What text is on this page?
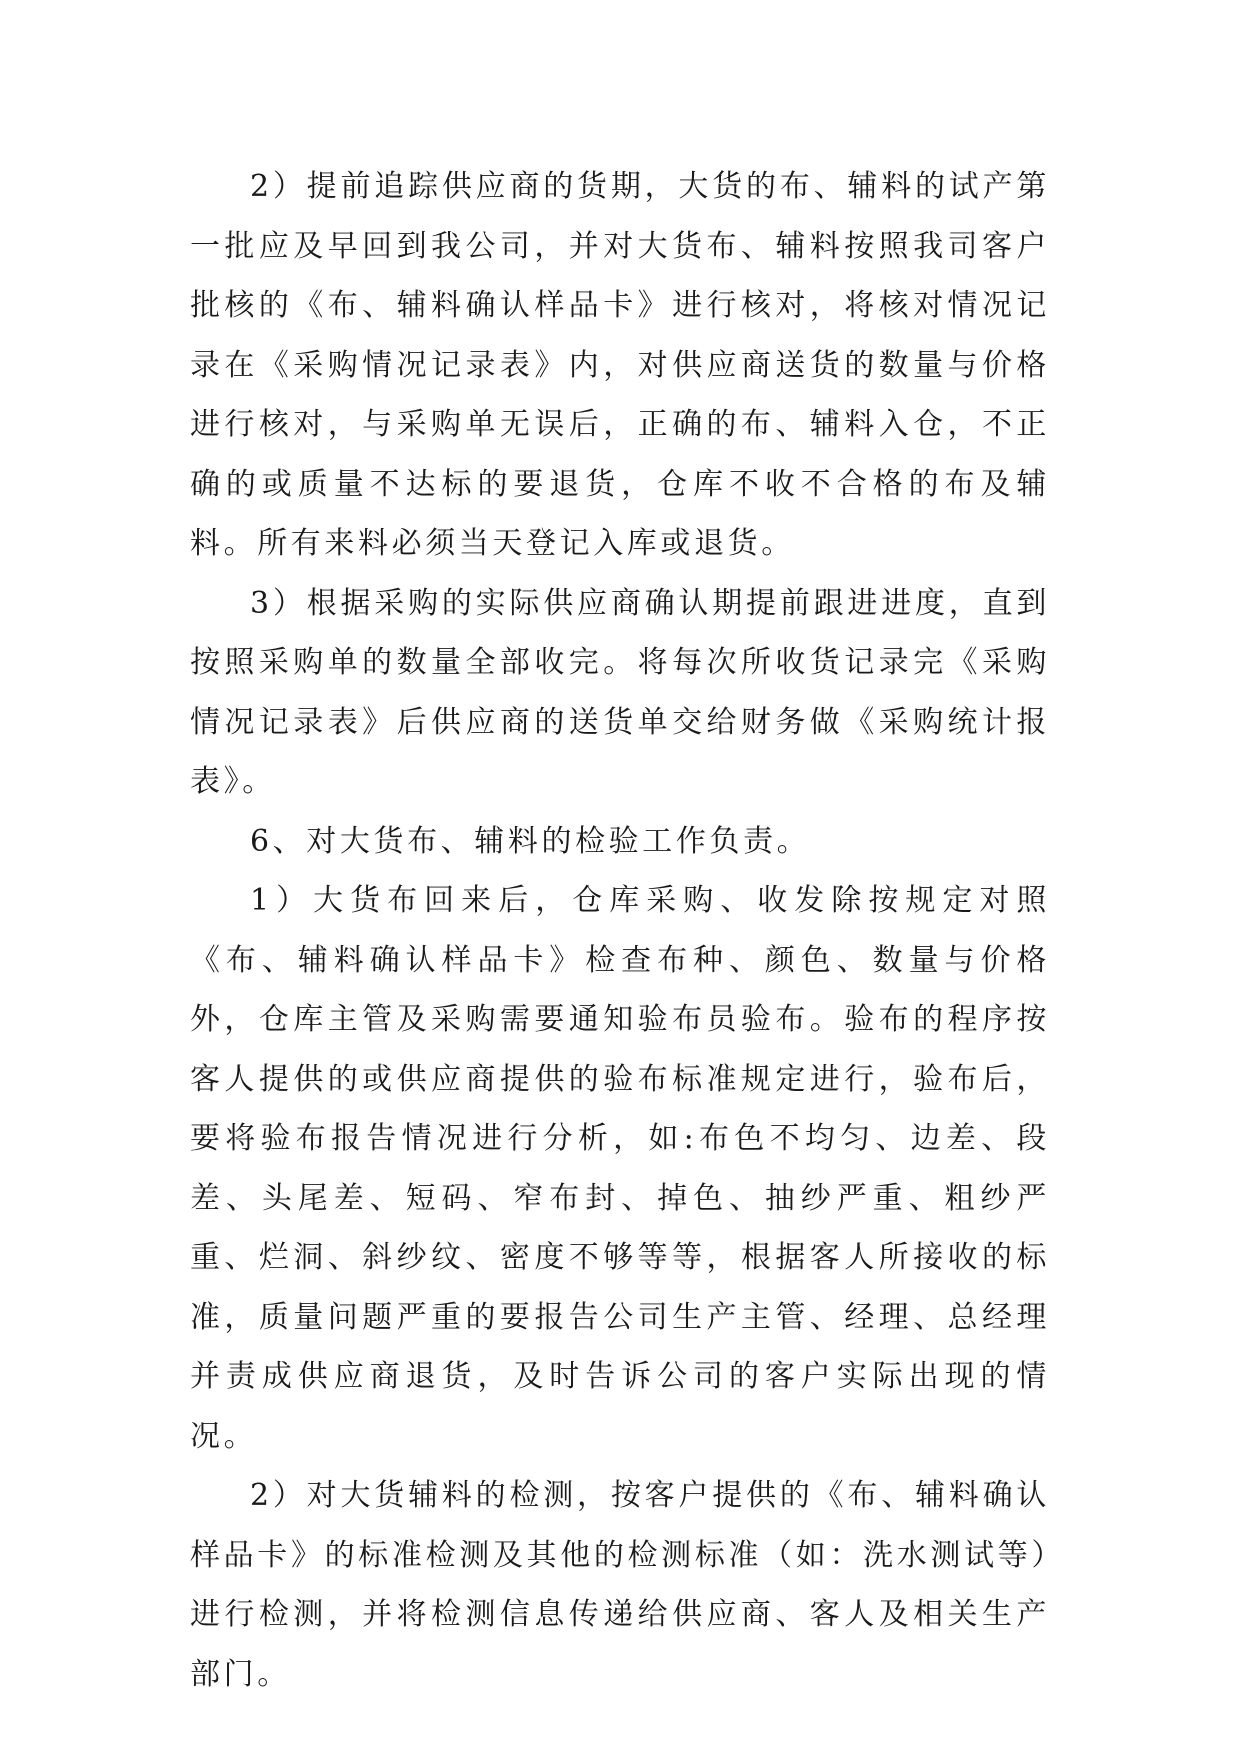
2）提前追踪供应商的货期，大货的布、辅料的试产第一批应及早回到我公司，并对大货布、辅料按照我司客户批核的《布、辅料确认样品卡》进行核对，将核对情况记录在《采购情况记录表》内，对供应商送货的数量与价格进行核对，与采购单无误后，正确的布、辅料入仓，不正确的或质量不达标的要退货，仓库不收不合格的布及辅料。所有来料必须当天登记入库或退货。

3）根据采购的实际供应商确认期提前跟进进度，直到按照采购单的数量全部收完。将每次所收货记录完《采购情况记录表》后供应商的送货单交给财务做《采购统计报表》。

6、对大货布、辅料的检验工作负责。

1）大货布回来后，仓库采购、收发除按规定对照《布、辅料确认样品卡》检查布种、颜色、数量与价格外，仓库主管及采购需要通知验布员验布。验布的程序按客人提供的或供应商提供的验布标准规定进行，验布后，要将验布报告情况进行分析，如:布色不均匀、边差、段差、头尾差、短码、窄布封、掉色、抽纱严重、粗纱严重、烂洞、斜纱纹、密度不够等等，根据客人所接收的标准，质量问题严重的要报告公司生产主管、经理、总经理并责成供应商退货，及时告诉公司的客户实际出现的情况。

2）对大货辅料的检测，按客户提供的《布、辅料确认样品卡》的标准检测及其他的检测标准（如：洗水测试等）进行检测，并将检测信息传递给供应商、客人及相关生产部门。
